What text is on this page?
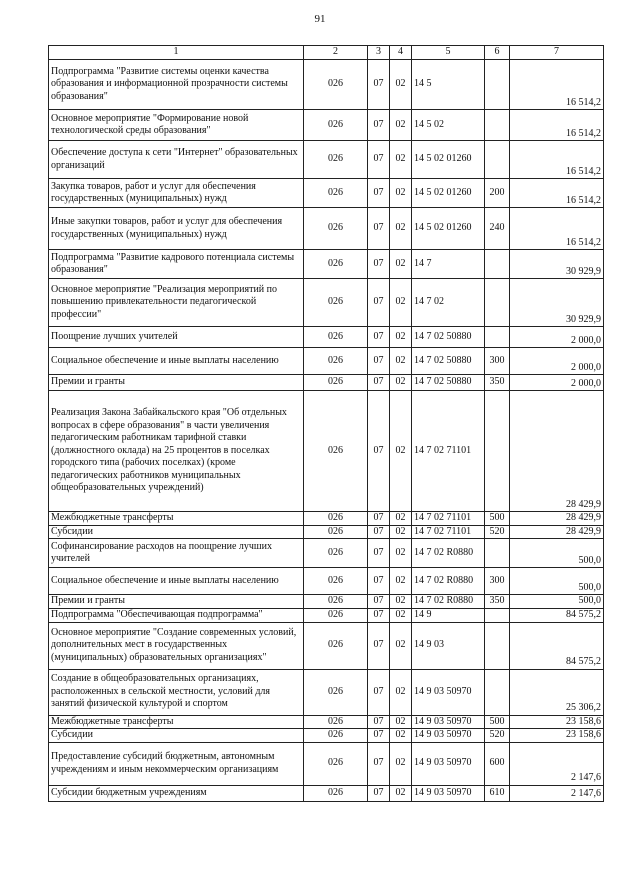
91
1	2	3	4	5	6	7
Подпрограмма "Развитие системы оценки качества образования и информационной прозрачности системы образования"	026	07	02	14 5		16 514,2
Основное мероприятие "Формирование новой технологической среды образования"	026	07	02	14 5 02		16 514,2
Обеспечение доступа к сети "Интернет" образовательных организаций	026	07	02	14 5 02 01260		16 514,2
Закупка товаров, работ и услуг для обеспечения государственных (муниципальных) нужд	026	07	02	14 5 02 01260	200	16 514,2
Иные закупки товаров, работ и услуг для обеспечения государственных (муниципальных) нужд	026	07	02	14 5 02 01260	240	16 514,2
Подпрограмма "Развитие кадрового потенциала системы образования"	026	07	02	14 7		30 929,9
Основное мероприятие "Реализация мероприятий по повышению привлекательности педагогической профессии"	026	07	02	14 7 02		30 929,9
Поощрение лучших учителей	026	07	02	14 7 02 50880		2 000,0
Социальное обеспечение и иные выплаты населению	026	07	02	14 7 02 50880	300	2 000,0
Премии и гранты	026	07	02	14 7 02 50880	350	2 000,0
Реализация Закона Забайкальского края "Об отдельных вопросах в сфере образования" в части увеличения педагогическим работникам тарифной ставки (должностного оклада) на 25 процентов в поселках городского типа (рабочих поселках) (кроме педагогических работников муниципальных общеобразовательных учреждений)	026	07	02	14 7 02 71101		28 429,9
Межбюджетные трансферты	026	07	02	14 7 02 71101	500	28 429,9
Субсидии	026	07	02	14 7 02 71101	520	28 429,9
Софинансирование расходов на поощрение лучших учителей	026	07	02	14 7 02 R0880		500,0
Социальное обеспечение и иные выплаты населению	026	07	02	14 7 02 R0880	300	500,0
Премии и гранты	026	07	02	14 7 02 R0880	350	500,0
Подпрограмма "Обеспечивающая подпрограмма"	026	07	02	14 9		84 575,2
Основное мероприятие "Создание современных условий, дополнительных мест в государственных (муниципальных) образовательных организациях"	026	07	02	14 9 03		84 575,2
Создание в общеобразовательных организациях, расположенных в сельской местности, условий для занятий физической культурой и спортом	026	07	02	14 9 03 50970		25 306,2
Межбюджетные трансферты	026	07	02	14 9 03 50970	500	23 158,6
Субсидии	026	07	02	14 9 03 50970	520	23 158,6
Предоставление субсидий бюджетным, автономным учреждениям и иным некоммерческим организациям	026	07	02	14 9 03 50970	600	2 147,6
Субсидии бюджетным учреждениям	026	07	02	14 9 03 50970	610	2 147,6
